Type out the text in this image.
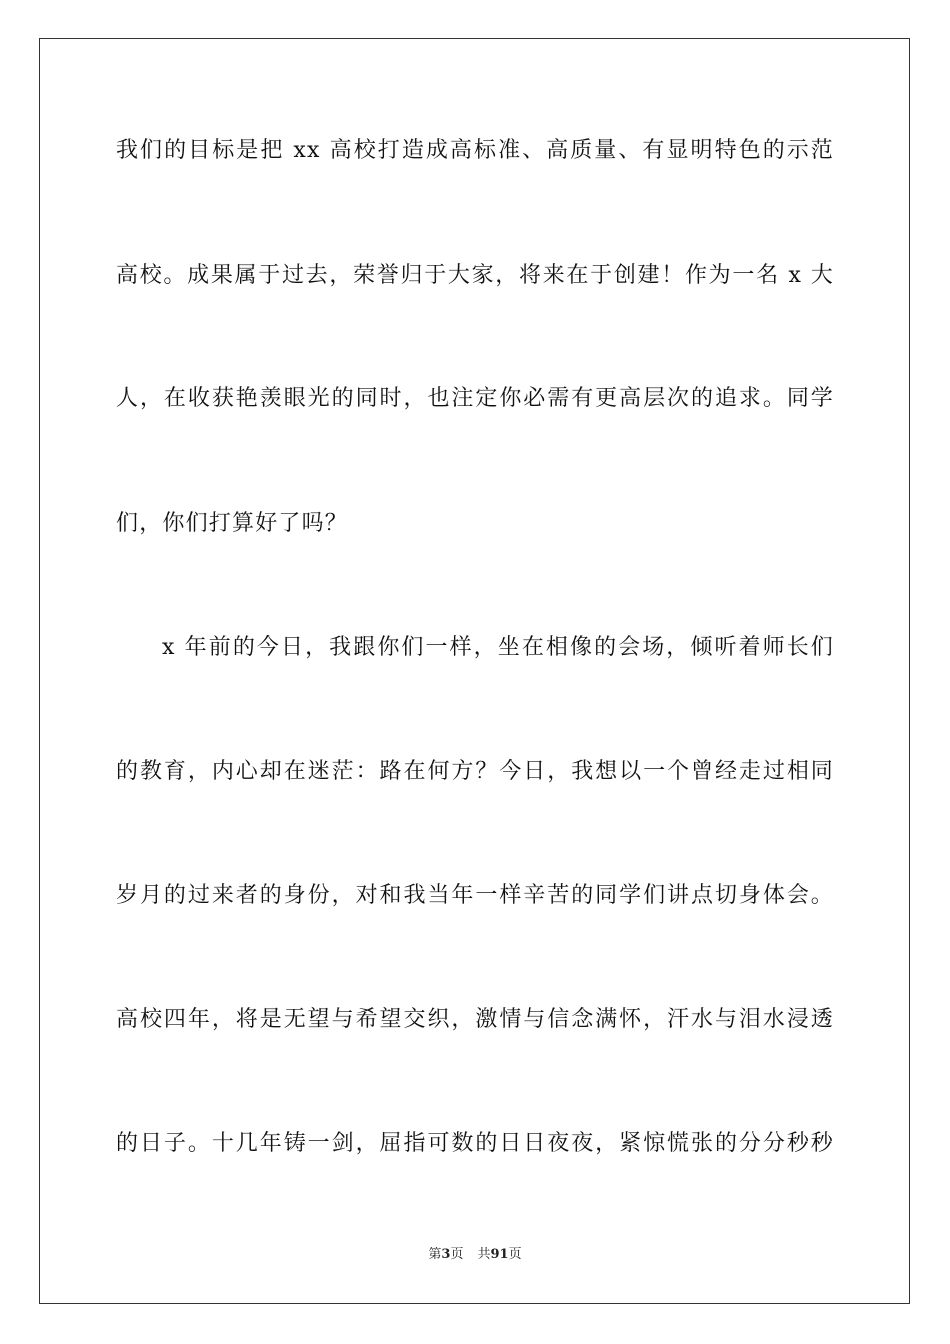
我们的目标是把 xx 高校打造成高标准、高质量、有显明特色的示范
高校。成果属于过去，荣誉归于大家，将来在于创建！作为一名 x 大
人，在收获艳羡眼光的同时，也注定你必需有更高层次的追求。同学
们，你们打算好了吗？
x 年前的今日，我跟你们一样，坐在相像的会场，倾听着师长们
的教育，内心却在迷茫：路在何方？今日，我想以一个曾经走过相同
岁月的过来者的身份，对和我当年一样辛苦的同学们讲点切身体会。
高校四年，将是无望与希望交织，激情与信念满怀，汗水与泪水浸透
的日子。十几年铸一剑，屈指可数的日日夜夜，紧惊慌张的分分秒秒
第3页 共91页
